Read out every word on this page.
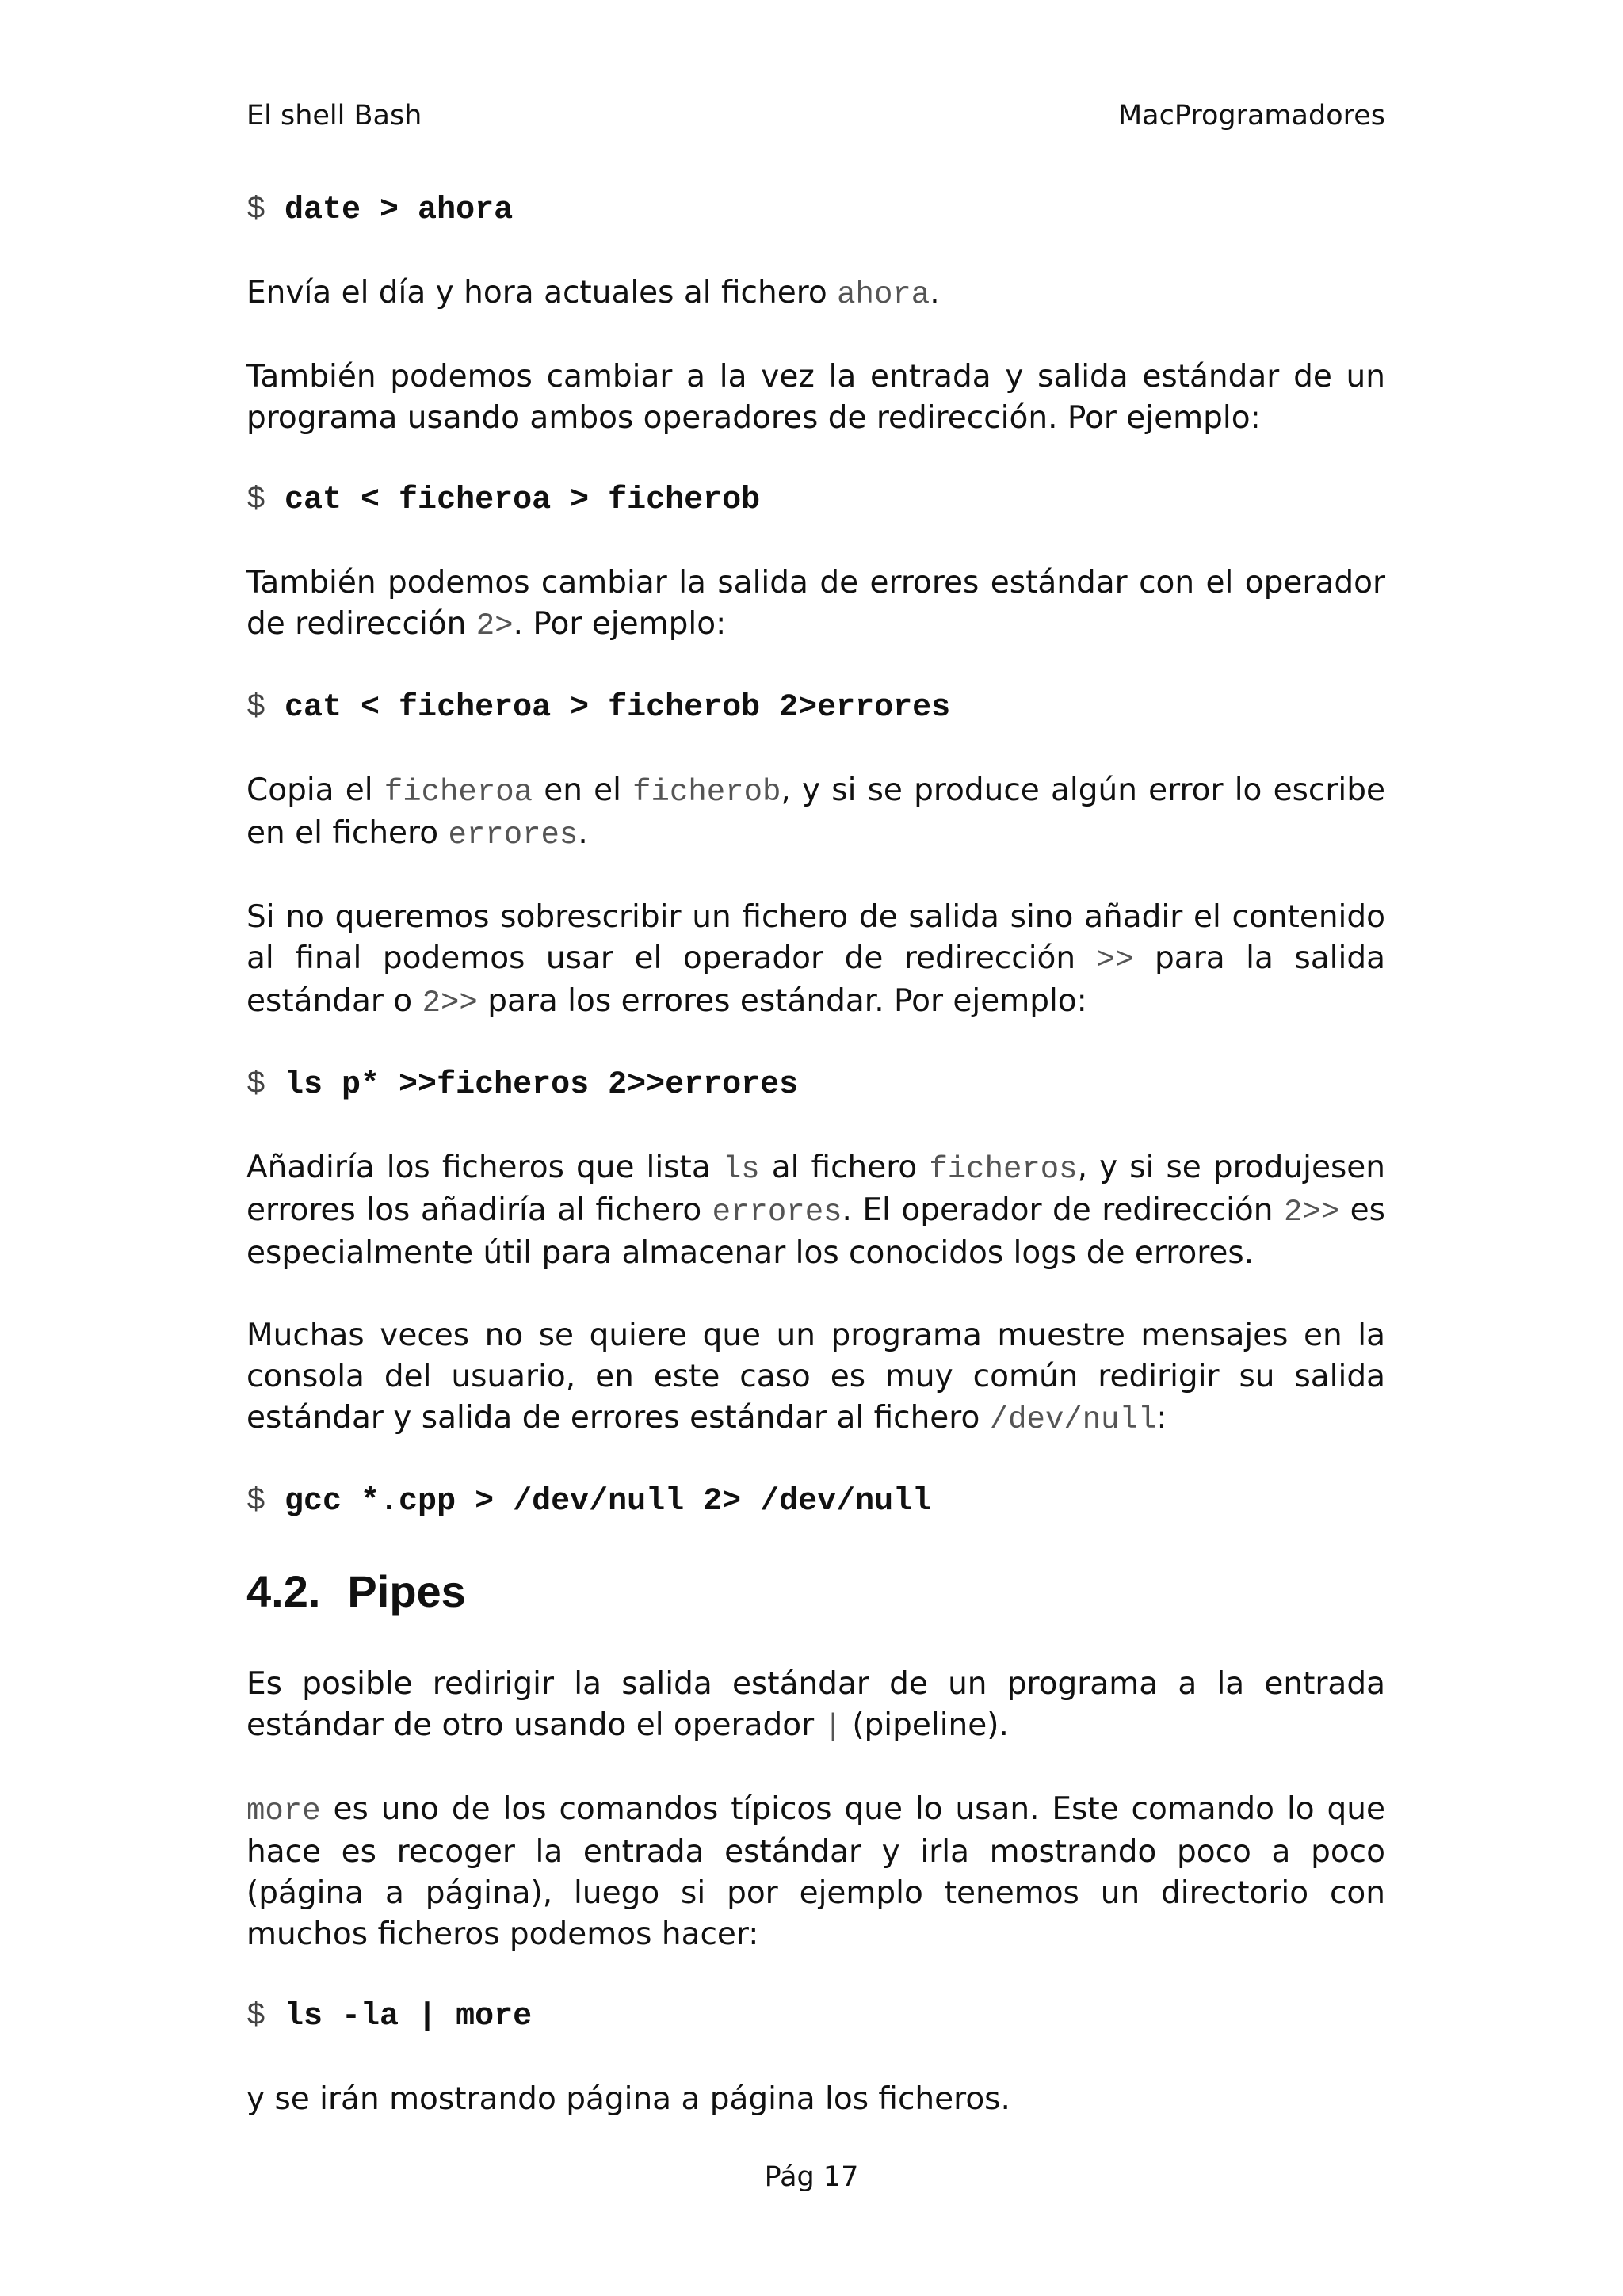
El shell Bash	MacProgramadores
$ date > ahora

Envía el día y hora actuales al fichero ahora.

También podemos cambiar a la vez la entrada y salida estándar de un programa usando ambos operadores de redirección. Por ejemplo:

$ cat < ficheroa > ficherob

También podemos cambiar la salida de errores estándar con el operador de redirección 2>. Por ejemplo:

$ cat < ficheroa > ficherob 2>errores

Copia el ficheroa en el ficherob, y si se produce algún error lo escribe en el fichero errores.

Si no queremos sobrescribir un fichero de salida sino añadir el contenido al final podemos usar el operador de redirección >> para la salida estándar o 2>> para los errores estándar. Por ejemplo:

$ ls p* >>ficheros 2>>errores

Añadiría los ficheros que lista ls al fichero ficheros, y si se produjesen errores los añadiría al fichero errores. El operador de redirección 2>> es especialmente útil para almacenar los conocidos logs de errores.

Muchas veces no se quiere que un programa muestre mensajes en la consola del usuario, en este caso es muy común redirigir su salida estándar y salida de errores estándar al fichero /dev/null:

$ gcc *.cpp > /dev/null 2> /dev/null
4.2. Pipes

Es posible redirigir la salida estándar de un programa a la entrada estándar de otro usando el operador | (pipeline).

more es uno de los comandos típicos que lo usan. Este comando lo que hace es recoger la entrada estándar y irla mostrando poco a poco (página a página), luego si por ejemplo tenemos un directorio con muchos ficheros podemos hacer:

$ ls -la | more

y se irán mostrando página a página los ficheros.

Pág 17
